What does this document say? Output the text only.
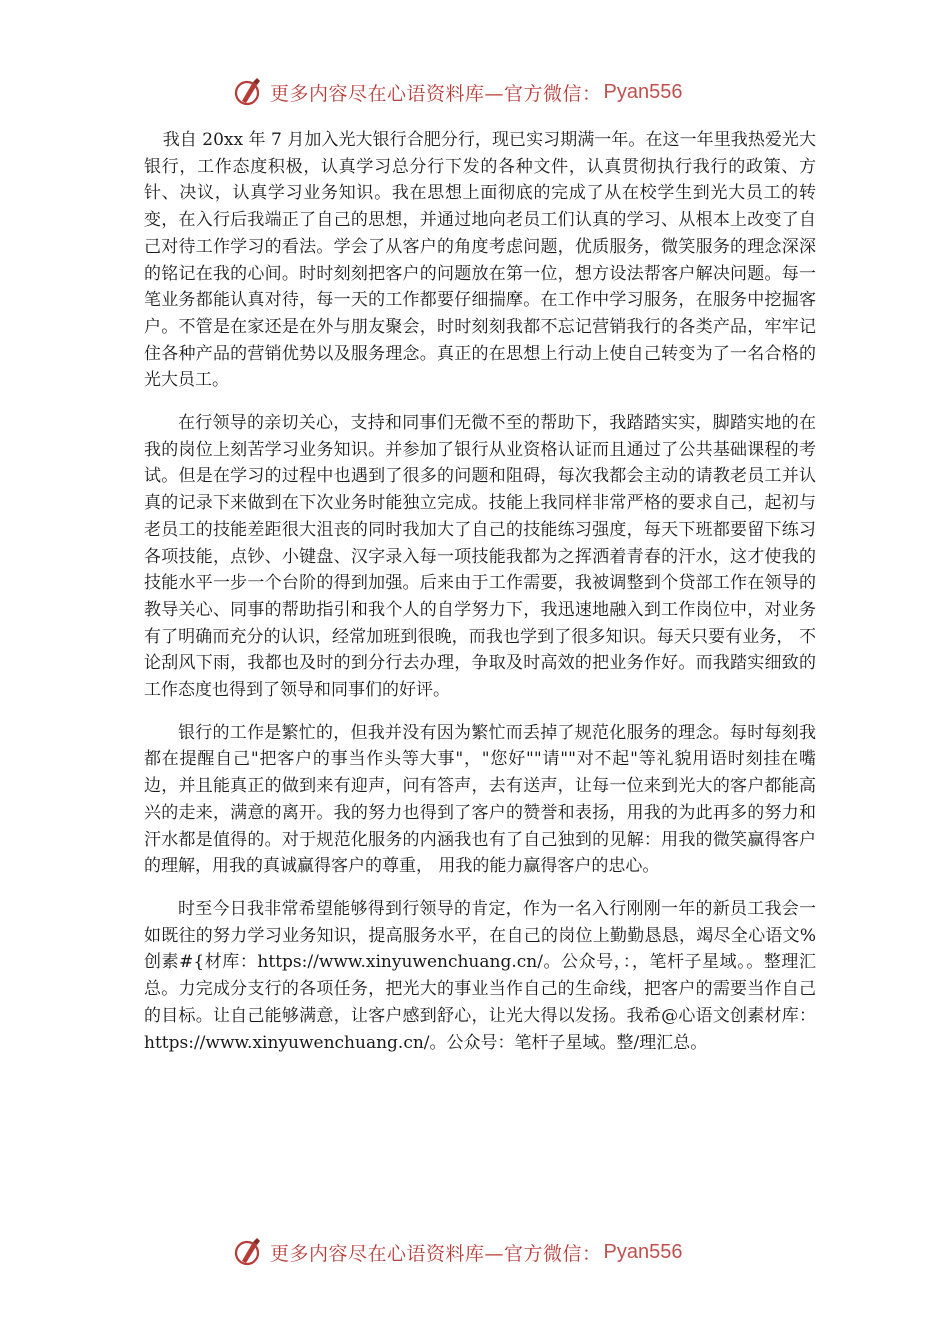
更多内容尽在心语资料库—官方微信： Pyan556

我自 20xx 年 7 月加入光大银行合肥分行，现已实习期满一年。在这一年里我热爱光大银行，工作态度积极，认真学习总分行下发的各种文件，认真贯彻执行我行的政策、方针、决议，认真学习业务知识。我在思想上面彻底的完成了从在校学生到光大员工的转变，在入行后我端正了自己的思想，并通过地向老员工们认真的学习、从根本上改变了自己对待工作学习的看法。学会了从客户的角度考虑问题，优质服务，微笑服务的理念深深的铭记在我的心间。时时刻刻把客户的问题放在第一位，想方设法帮客户解决问题。每一笔业务都能认真对待，每一天的工作都要仔细揣摩。在工作中学习服务，在服务中挖掘客户。不管是在家还是在外与朋友聚会，时时刻刻我都不忘记营销我行的各类产品，牢牢记住各种产品的营销优势以及服务理念。真正的在思想上行动上使自己转变为了一名合格的光大员工。

在行领导的亲切关心，支持和同事们无微不至的帮助下，我踏踏实实，脚踏实地的在我的岗位上刻苦学习业务知识。并参加了银行从业资格认证而且通过了公共基础课程的考试。但是在学习的过程中也遇到了很多的问题和阻碍，每次我都会主动的请教老员工并认真的记录下来做到在下次业务时能独立完成。技能上我同样非常严格的要求自己，起初与老员工的技能差距很大沮丧的同时我加大了自己的技能练习强度，每天下班都要留下练习各项技能，点钞、小键盘、汉字录入每一项技能我都为之挥洒着青春的汗水，这才使我的技能水平一步一个台阶的得到加强。后来由于工作需要，我被调整到个贷部工作在领导的教导关心、同事的帮助指引和我个人的自学努力下，我迅速地融入到工作岗位中，对业务有了明确而充分的认识，经常加班到很晚，而我也学到了很多知识。每天只要有业务， 不论刮风下雨，我都也及时的到分行去办理，争取及时高效的把业务作好。而我踏实细致的工作态度也得到了领导和同事们的好评。

银行的工作是繁忙的，但我并没有因为繁忙而丢掉了规范化服务的理念。每时每刻我都在提醒自己"把客户的事当作头等大事"，"您好""请""对不起"等礼貌用语时刻挂在嘴边，并且能真正的做到来有迎声，问有答声，去有送声，让每一位来到光大的客户都能高兴的走来，满意的离开。我的努力也得到了客户的赞誉和表扬，用我的为此再多的努力和汗水都是值得的。对于规范化服务的内涵我也有了自己独到的见解：用我的微笑赢得客户的理解，用我的真诚赢得客户的尊重， 用我的能力赢得客户的忠心。

时至今日我非常希望能够得到行领导的肯定，作为一名入行刚刚一年的新员工我会一如既往的努力学习业务知识，提高服务水平，在自己的岗位上勤勤恳恳，竭尽全心语文%创素#{材库：https://www.xinyuwenchuang.cn/。公众号，：，笔杆子星域。。整理汇总。力完成分支行的各项任务，把光大的事业当作自己的生命线，把客户的需要当作自己的目标。让自己能够满意，让客户感到舒心，让光大得以发扬。我希@心语文创素材库：https://www.xinyuwenchuang.cn/。公众号：笔杆子星域。整/理汇总。

更多内容尽在心语资料库—官方微信： Pyan556
